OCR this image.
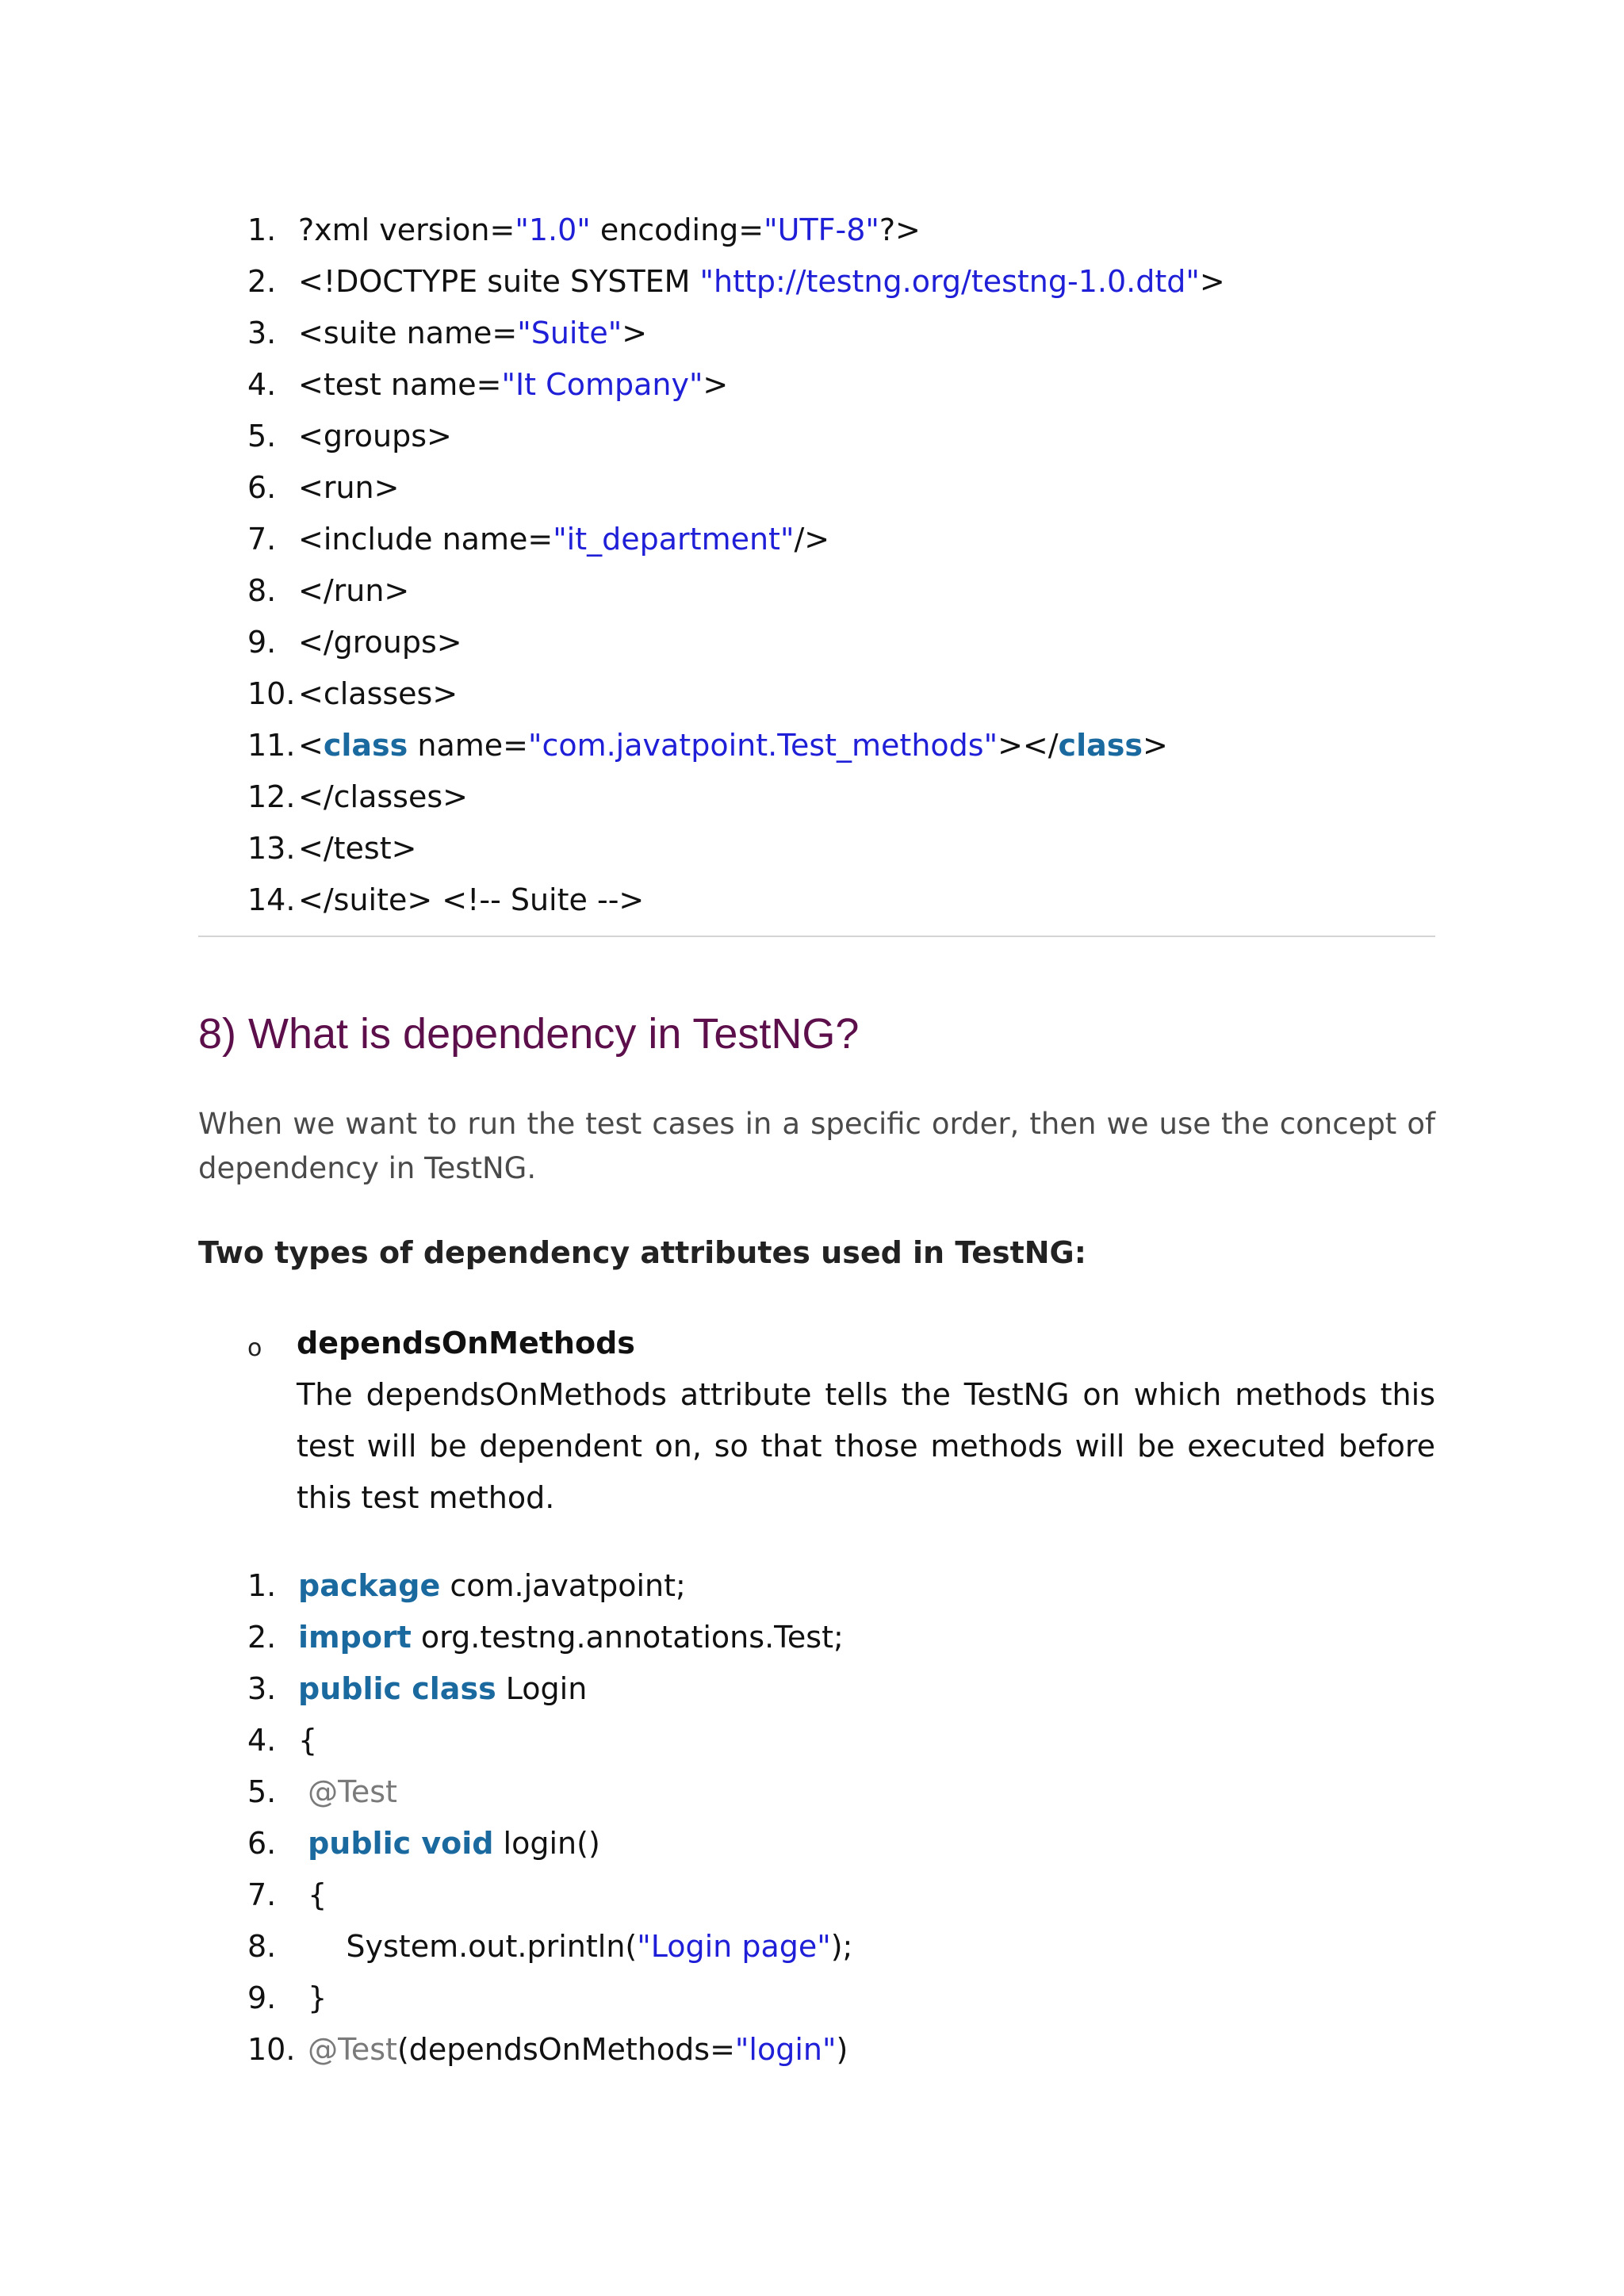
1. ?xml version="1.0" encoding="UTF-8"?>
2. <!DOCTYPE suite SYSTEM "http://testng.org/testng-1.0.dtd">
3. <suite name="Suite">
4. <test name="It Company">
5. <groups>
6. <run>
7. <include name="it_department"/>
8. </run>
9. </groups>
10.<classes>
11.<class name="com.javatpoint.Test_methods"></class>
12.</classes>
13.</test>
14.</suite> <!-- Suite -->
8) What is dependency in TestNG?

When we want to run the test cases in a specific order, then we use the concept of dependency in TestNG.

Two types of dependency attributes used in TestNG:

o dependsOnMethods
The dependsOnMethods attribute tells the TestNG on which methods this test will be dependent on, so that those methods will be executed before this test method.
1. package com.javatpoint;
2. import org.testng.annotations.Test;
3. public class Login
4. {
5. @Test
6. public void login()
7. {
8.     System.out.println("Login page");
9. }
10. @Test(dependsOnMethods="login")
